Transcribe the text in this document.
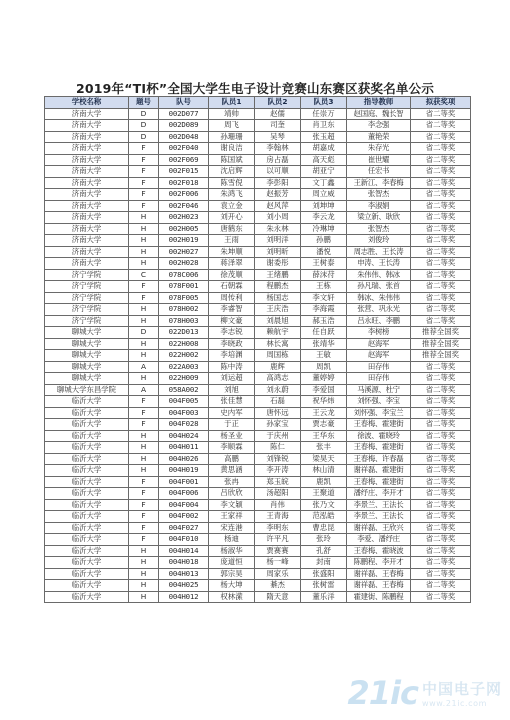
2019年“TI杯”全国大学生电子设计竞赛山东赛区获奖名单公示
学校名称	题号	队号	队员1	队员2	队员3	指导教师	拟获奖项
济南大学	D	002D077	靖帅	赵儒	任崇万	赵国庭、魏长智	省二等奖
济南大学	D	002D089	周飞	司奎	肖卫东	李念强	省二等奖
济南大学	D	002D048	孙珊珊	吴琴	张玉超	董艳荣	省二等奖
济南大学	F	002F040	谢良洁	李翰林	胡嘉成	朱存光	省二等奖
济南大学	F	002F069	陈国斌	房占磊	高天彪	崔世耀	省二等奖
济南大学	F	002F015	沈启辉	以可顺	胡亚宁	任宏书	省二等奖
济南大学	F	002F018	陈雪倪	李彭阳	文丁鑫	王新江、李春梅	省二等奖
济南大学	F	002F006	朱鸿飞	赵振芳	周立威	张智杰	省二等奖
济南大学	F	002F046	袁立金	赵风萍	刘坤坤	李淑娟	省二等奖
济南大学	H	002H023	刘开心	刘小周	李云龙	梁立新、耿欣	省二等奖
济南大学	H	002H005	唐鹤东	朱永林	冷琳坤	张智杰	省二等奖
济南大学	H	002H019	王雨	刘明洋	孙鹏	刘俊玲	省二等奖
济南大学	H	002H027	朱坤顺	刘明昕	潘悦	周志胜、王长涛	省二等奖
济南大学	H	002H028	蒋泽翠	谢委彤	王树泰	申涛、王长涛	省二等奖
济宁学院	C	078C006	徐茂顺	王绪鹏	薛沫苻	朱伟伟、韩冰	省二等奖
济宁学院	F	078F001	石朝霖	程鹏杰	王栋	孙凡瑞、张首	省二等奖
济宁学院	F	078F005	周传利	杨国志	李文轩	韩冰、朱伟伟	省二等奖
济宁学院	H	078H002	李睿智	王庆浩	李海霞	张营、巩永光	省二等奖
济宁学院	H	078H003	柳文豪	刘晨旭	郝玉浩	吕永旺、李鹏	省二等奖
聊城大学	D	022D013	李志锐	赖航宇	任自跃	李树榜	推荐全国奖
聊城大学	H	022H008	李晓政	林长寓	张靖华	赵海军	推荐全国奖
聊城大学	H	022H002	李培渊	周国栋	王敏	赵海军	推荐全国奖
聊城大学	A	022A003	陈中涛	鹿辉	周凯	田存伟	省二等奖
聊城大学	H	022H009	刘运超	高鸿志	董婷婷	田存伟	省二等奖
聊城大学东昌学院	A	058A002	刘旭	刘永蔚	李爱国	马溪源、杜宁	省二等奖
临沂大学	F	004F005	张佳慧	石磊	祝华炜	刘怀强、李宝	省二等奖
临沂大学	F	004F003	史内军	唐怀远	王云龙	刘怀强、李宝兰	省二等奖
临沂大学	F	004F028	于正	孙家宝	贾志豪	王春梅、霍建街	省二等奖
临沂大学	H	004H024	杨圣业	于庆州	王华东	徐波、霍晓玲	省二等奖
临沂大学	H	004H011	李顺霖	陈仁	张丰	王春梅、霍建街	省二等奖
临沂大学	H	004H026	高鹏	刘锋锐	梁昊天	王春梅、许春磊	省二等奖
临沂大学	H	004H019	黄思涵	李开涛	林山清	谢祥磊、霍建街	省二等奖
临沂大学	F	004F001	张冉	郑玉皖	鹿凯	王春梅、霍建街	省二等奖
临沂大学	F	004F006	吕欣欣	汤超阳	王聚道	潘纾庄、李开才	省二等奖
临沂大学	F	004F004	李文颖	肖伟	张乃文	李景兰、王法长	省二等奖
临沂大学	F	004F002	王家祥	王青海	范泓皓	李景兰、王法长	省二等奖
临沂大学	F	004F027	宋连港	李明东	曹忠昆	谢祥磊、王欣兴	省二等奖
临沂大学	F	004F010	杨迪	许平凡	张玲	李爱、潘纾庄	省二等奖
临沂大学	H	004H014	杨淑华	贾赛赛	孔舒	王春梅、霍晓波	省二等奖
临沂大学	H	004H018	庞道恒	杨一峰	封南	陈鹏程、李开才	省二等奖
临沂大学	H	004H013	郭宗昊	周家乐	张盛阳	谢祥磊、王春梅	省二等奖
临沂大学	H	004H025	杨大坤	綦杰	张树雷	谢祥磊、王春梅	省二等奖
临沂大学	H	004H012	权林潆	隋天意	董乐洋	霍建街、陈鹏程	省二等奖
21ic 中国电子网
www.21ic.com
